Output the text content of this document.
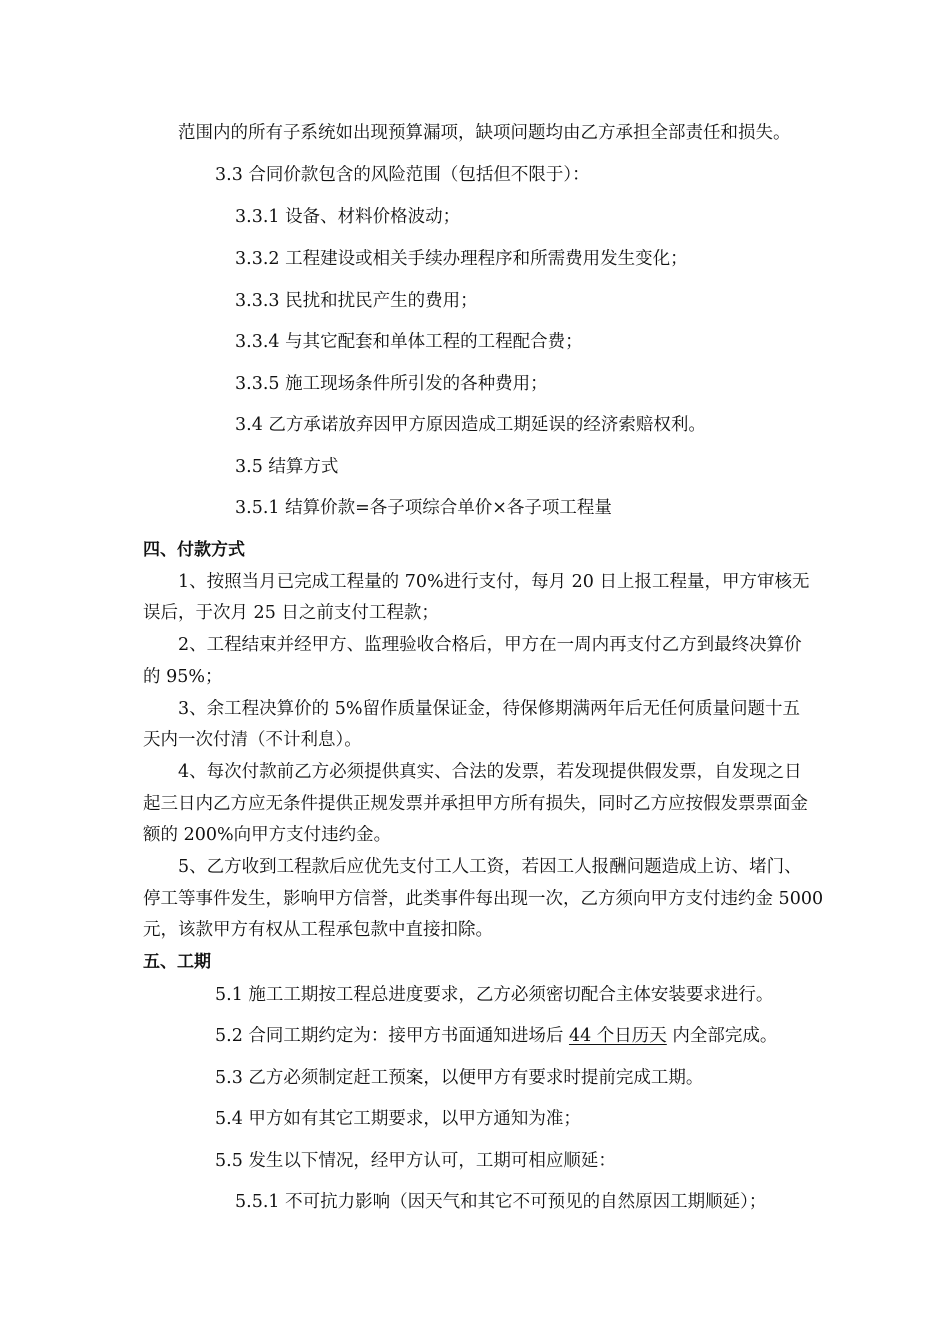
范围内的所有子系统如出现预算漏项，缺项问题均由乙方承担全部责任和损失。
3.3 合同价款包含的风险范围（包括但不限于）：
3.3.1 设备、材料价格波动；
3.3.2 工程建设或相关手续办理程序和所需费用发生变化；
3.3.3 民扰和扰民产生的费用；
3.3.4 与其它配套和单体工程的工程配合费；
3.3.5 施工现场条件所引发的各种费用；
3.4 乙方承诺放弃因甲方原因造成工期延误的经济索赔权利。
3.5 结算方式
3.5.1 结算价款=各子项综合单价×各子项工程量
四、付款方式
1、按照当月已完成工程量的 70%进行支付，每月 20 日上报工程量，甲方审核无
误后，于次月 25 日之前支付工程款；
2、工程结束并经甲方、监理验收合格后，甲方在一周内再支付乙方到最终决算价
的 95%；
3、余工程决算价的 5%留作质量保证金，待保修期满两年后无任何质量问题十五
天内一次付清（不计利息）。
4、每次付款前乙方必须提供真实、合法的发票，若发现提供假发票，自发现之日
起三日内乙方应无条件提供正规发票并承担甲方所有损失，同时乙方应按假发票票面金
额的 200%向甲方支付违约金。
5、乙方收到工程款后应优先支付工人工资，若因工人报酬问题造成上访、堵门、
停工等事件发生，影响甲方信誉，此类事件每出现一次，乙方须向甲方支付违约金 5000
元，该款甲方有权从工程承包款中直接扣除。
五、工期
5.1 施工工期按工程总进度要求，乙方必须密切配合主体安装要求进行。
5.2 合同工期约定为：接甲方书面通知进场后 44 个日历天 内全部完成。
5.3 乙方必须制定赶工预案，以便甲方有要求时提前完成工期。
5.4 甲方如有其它工期要求，以甲方通知为准；
5.5 发生以下情况，经甲方认可，工期可相应顺延：
5.5.1 不可抗力影响（因天气和其它不可预见的自然原因工期顺延）；
